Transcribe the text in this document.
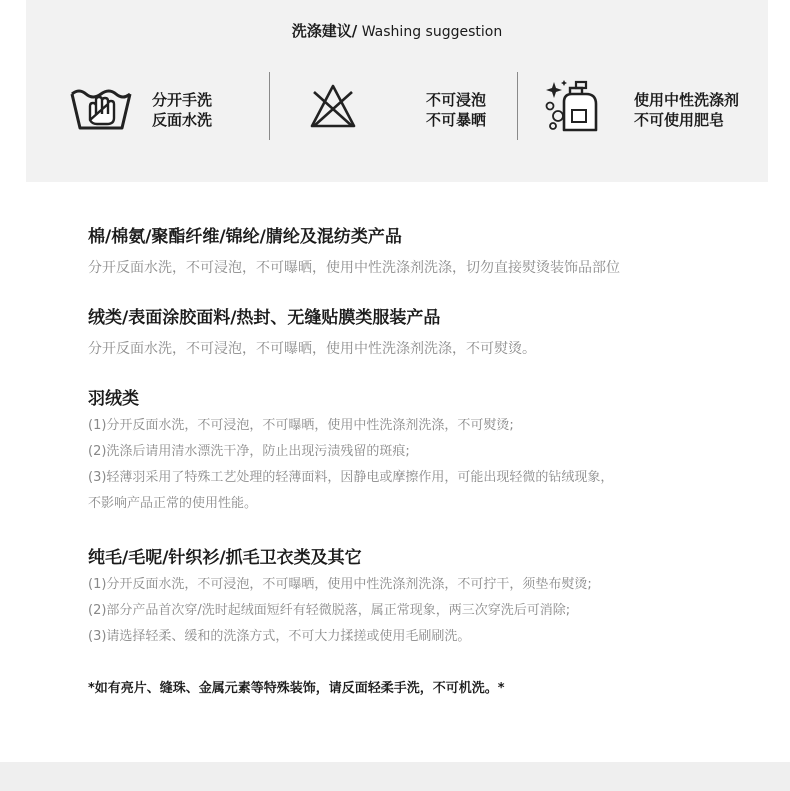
洗涤建议/ Washing suggestion
分开手洗
反面水洗
不可浸泡
不可暴晒
使用中性洗涤剂
不可使用肥皂
棉/棉氨/聚酯纤维/锦纶/腈纶及混纺类产品
分开反面水洗，不可浸泡，不可曝晒，使用中性洗涤剂洗涤，切勿直接熨烫装饰品部位
绒类/表面涂胶面料/热封、无缝贴膜类服装产品
分开反面水洗，不可浸泡，不可曝晒，使用中性洗涤剂洗涤，不可熨烫。
羽绒类
(1)分开反面水洗，不可浸泡，不可曝晒，使用中性洗涤剂洗涤，不可熨烫;
(2)洗涤后请用清水漂洗干净，防止出现污渍残留的斑痕;
(3)轻薄羽采用了特殊工艺处理的轻薄面料，因静电或摩擦作用，可能出现轻微的钻绒现象，
不影响产品正常的使用性能。
纯毛/毛呢/针织衫/抓毛卫衣类及其它
(1)分开反面水洗，不可浸泡，不可曝晒，使用中性洗涤剂洗涤，不可拧干，须垫布熨烫;
(2)部分产品首次穿/洗时起绒面短纤有轻微脱落，属正常现象，两三次穿洗后可消除;
(3)请选择轻柔、缓和的洗涤方式，不可大力揉搓或使用毛刷刷洗。
*如有亮片、缝珠、金属元素等特殊装饰，请反面轻柔手洗，不可机洗。*
